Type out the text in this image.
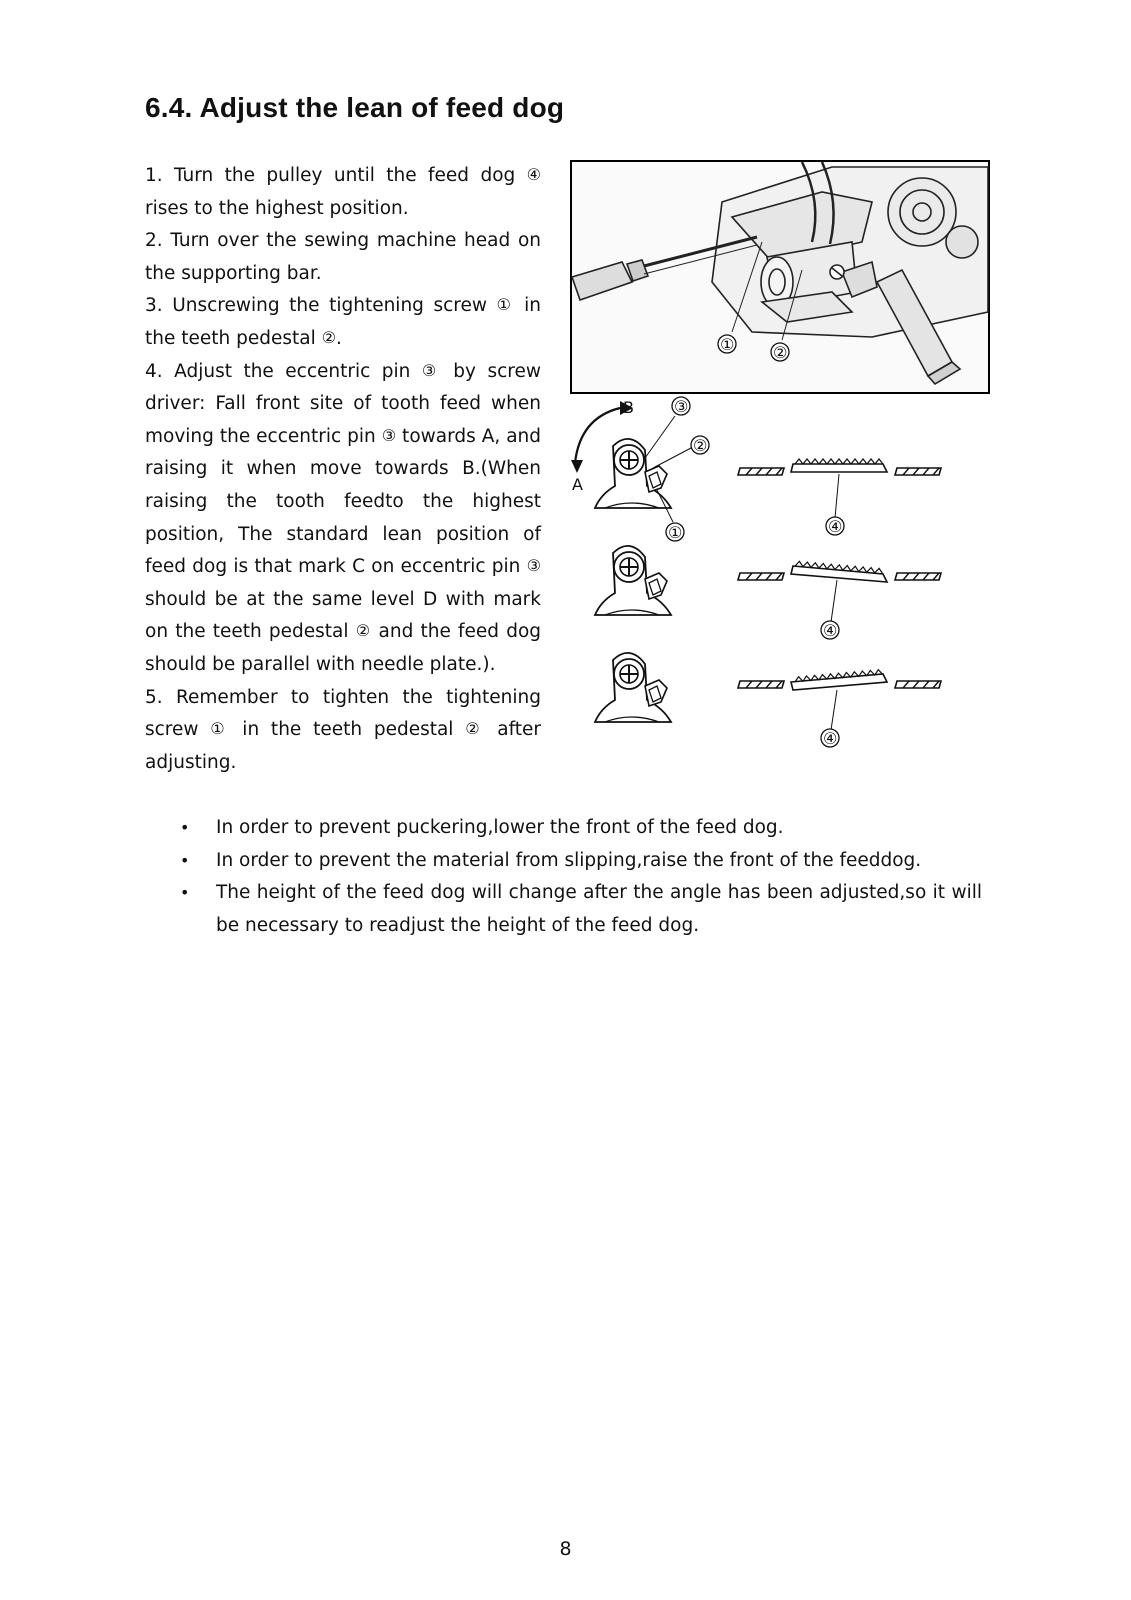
6.4. Adjust the lean of feed dog

1. Turn the pulley until the feed dog ④ rises to the highest position.

2. Turn over the sewing machine head on the supporting bar.

3. Unscrewing the tightening screw ① in the teeth pedestal ②.

4. Adjust the eccentric pin ③ by screw driver: Fall front site of tooth feed when moving the eccentric pin ③ towards A, and raising it when move towards B.(When raising the tooth feedto the highest position, The standard lean position of feed dog is that mark C on eccentric pin ③ should be at the same level D with mark on the teeth pedestal ② and the feed dog should be parallel with needle plate.).

5. Remember to tighten the tightening screw ① in the teeth pedestal ② after adjusting.

① ②
A
B	③
②
①	④
④
④
• In order to prevent puckering,lower the front of the feed dog.
• In order to prevent the material from slipping,raise the front of the feeddog.
• The height of the feed dog will change after the angle has been adjusted,so it will be necessary to readjust the height of the feed dog.
8
